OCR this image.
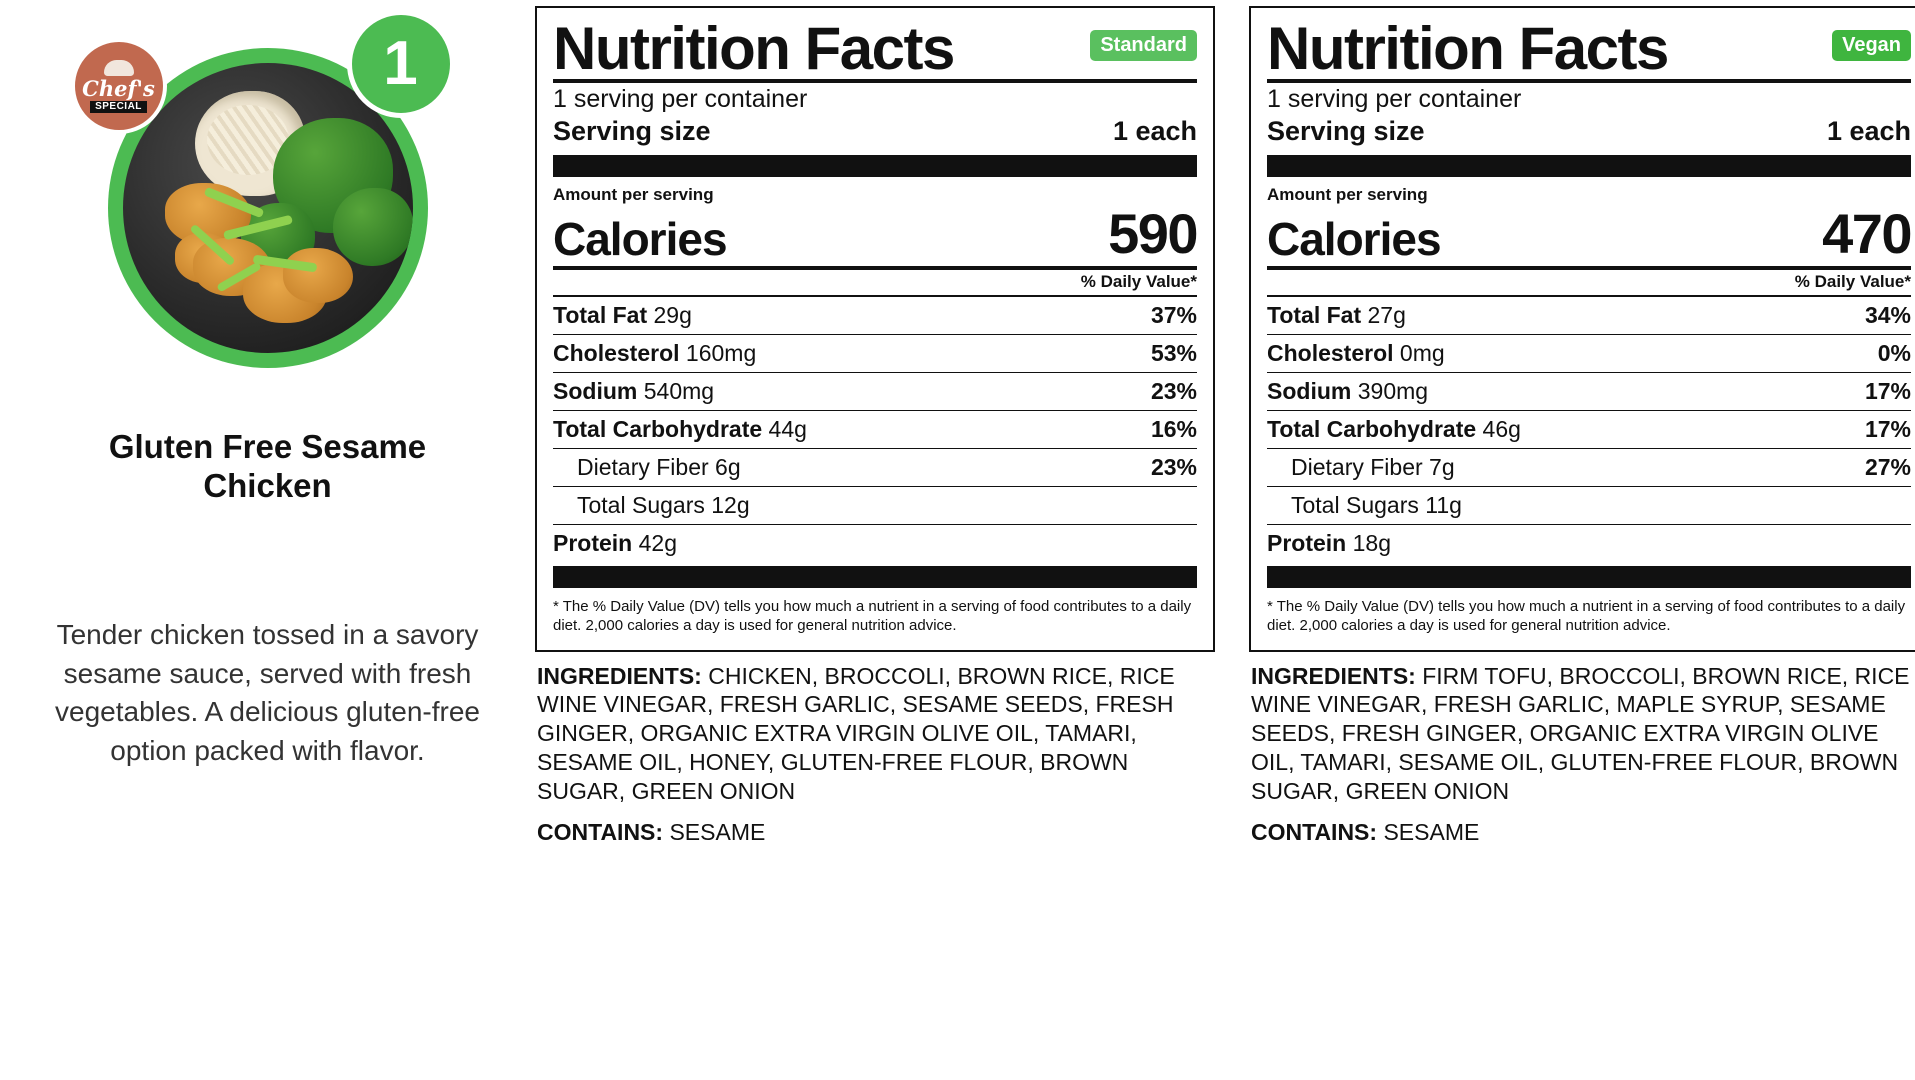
Chef's
SPECIAL
1
Gluten Free Sesame Chicken
Tender chicken tossed in a savory sesame sauce, served with fresh vegetables. A delicious gluten-free option packed with flavor.
Nutrition Facts	Standard
1 serving per container
Serving size	1 each
Amount per serving
Calories	590
% Daily Value*
Total Fat 29g	37%
Cholesterol 160mg	53%
Sodium 540mg	23%
Total Carbohydrate 44g	16%
Dietary Fiber 6g	23%
Total Sugars 12g
Protein 42g
* The % Daily Value (DV) tells you how much a nutrient in a serving of food contributes to a daily diet. 2,000 calories a day is used for general nutrition advice.
INGREDIENTS: CHICKEN, BROCCOLI, BROWN RICE, RICE WINE VINEGAR, FRESH GARLIC, SESAME SEEDS, FRESH GINGER, ORGANIC EXTRA VIRGIN OLIVE OIL, TAMARI, SESAME OIL, HONEY, GLUTEN-FREE FLOUR, BROWN SUGAR, GREEN ONION
CONTAINS: SESAME
Nutrition Facts	Vegan
1 serving per container
Serving size	1 each
Amount per serving
Calories	470
% Daily Value*
Total Fat 27g	34%
Cholesterol 0mg	0%
Sodium 390mg	17%
Total Carbohydrate 46g	17%
Dietary Fiber 7g	27%
Total Sugars 11g
Protein 18g
* The % Daily Value (DV) tells you how much a nutrient in a serving of food contributes to a daily diet. 2,000 calories a day is used for general nutrition advice.
INGREDIENTS: FIRM TOFU, BROCCOLI, BROWN RICE, RICE WINE VINEGAR, FRESH GARLIC, MAPLE SYRUP, SESAME SEEDS, FRESH GINGER, ORGANIC EXTRA VIRGIN OLIVE OIL, TAMARI, SESAME OIL, GLUTEN-FREE FLOUR, BROWN SUGAR, GREEN ONION
CONTAINS: SESAME
